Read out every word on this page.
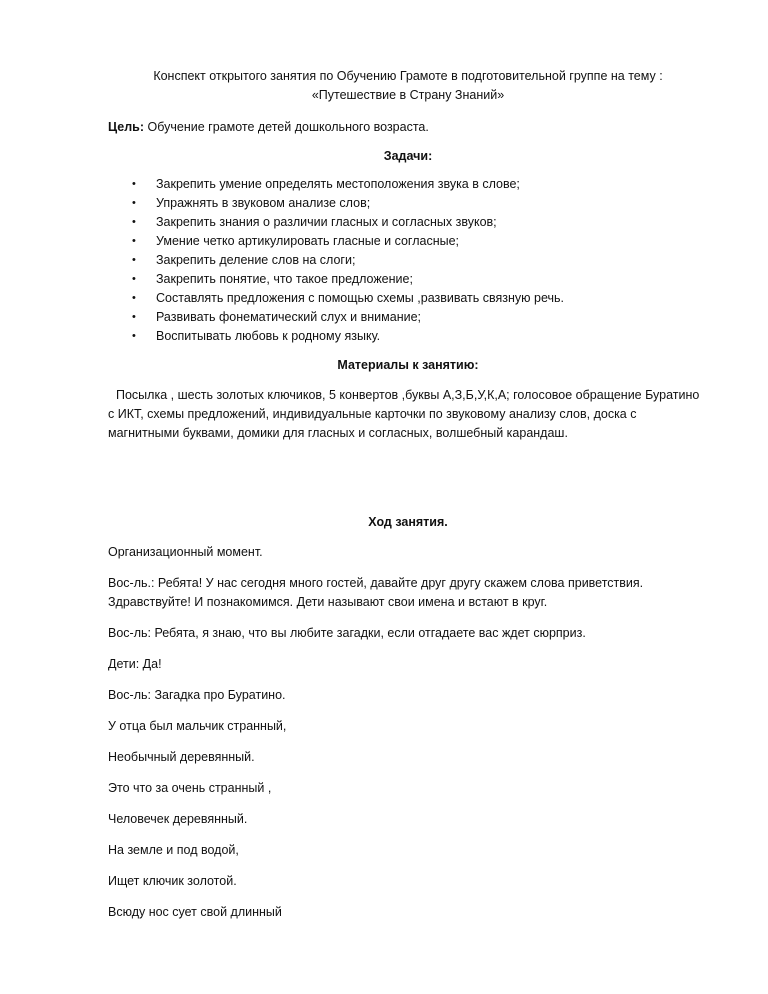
Конспект открытого занятия по Обучению Грамоте в подготовительной группе на тему :

«Путешествие в Страну Знаний»

Цель: Обучение грамоте детей дошкольного возраста.

Задачи:

• Закрепить умение определять местоположения звука в слове;
• Упражнять в звуковом анализе слов;
• Закрепить знания о различии гласных и согласных звуков;
• Умение четко артикулировать гласные и согласные;
• Закрепить деление слов на слоги;
• Закрепить понятие, что такое предложение;
• Составлять предложения с помощью схемы ,развивать связную речь.
• Развивать фонематический слух и внимание;
• Воспитывать любовь к родному языку.

Материалы к занятию:

Посылка , шесть золотых ключиков, 5 конвертов ,буквы А,З,Б,У,К,А; голосовое обращение Буратино с ИКТ, схемы предложений, индивидуальные карточки по звуковому анализу слов, доска с магнитными буквами, домики для гласных и согласных, волшебный карандаш.

Ход занятия.

Организационный момент.

Вос-ль.: Ребята! У нас сегодня много гостей, давайте друг другу скажем слова приветствия. Здравствуйте! И познакомимся. Дети называют свои имена и встают в круг.

Вос-ль: Ребята, я знаю, что вы любите загадки, если отгадаете вас ждет сюрприз.

Дети: Да!

Вос-ль: Загадка про Буратино.

У отца был мальчик странный,

Необычный деревянный.

Это что за очень странный ,

Человечек деревянный.

На земле и под водой,

Ищет ключик золотой.

Всюду нос сует свой длинный
